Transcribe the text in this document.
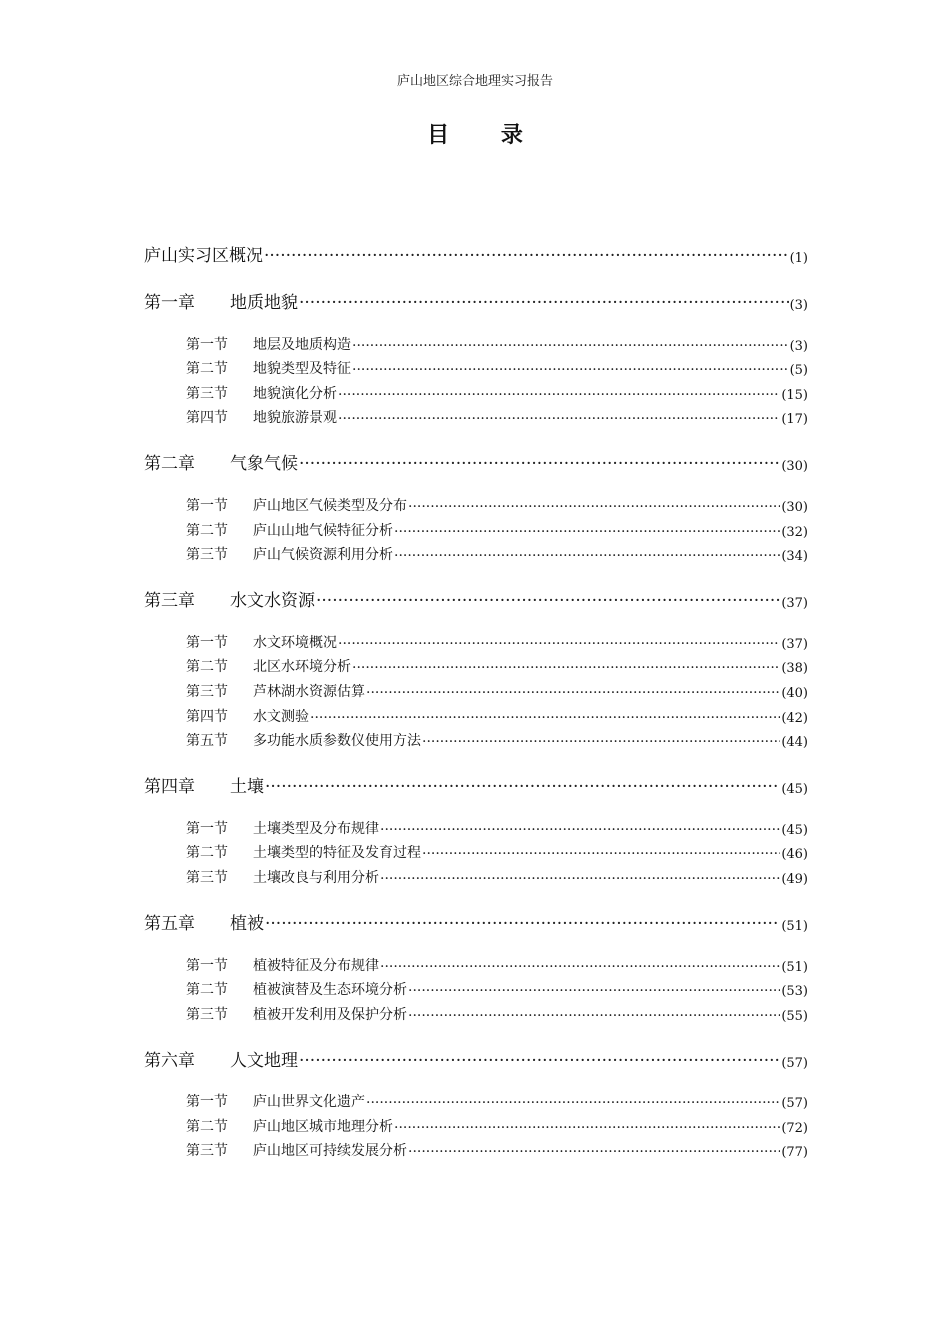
庐山地区综合地理实习报告
目 录
庐山实习区概况 ·····	(1)
第一章	地质地貌 ·····	(3)
第一节	地层及地质构造 ·····	(3)
第二节	地貌类型及特征 ·····	(5)
第三节	地貌演化分析 ·····	(15)
第四节	地貌旅游景观 ·····	(17)
第二章	气象气候 ·····	(30)
第一节	庐山地区气候类型及分布 ·····	(30)
第二节	庐山山地气候特征分析 ·····	(32)
第三节	庐山气候资源利用分析 ·····	(34)
第三章	水文水资源 ·····	(37)
第一节	水文环境概况 ·····	(37)
第二节	北区水环境分析 ·····	(38)
第三节	芦林湖水资源估算 ·····	(40)
第四节	水文测验 ·····	(42)
第五节	多功能水质参数仪使用方法 ·····	(44)
第四章	土壤 ·····	(45)
第一节	土壤类型及分布规律 ·····	(45)
第二节	土壤类型的特征及发育过程 ·····	(46)
第三节	土壤改良与利用分析 ·····	(49)
第五章	植被 ·····	(51)
第一节	植被特征及分布规律 ·····	(51)
第二节	植被演替及生态环境分析 ·····	(53)
第三节	植被开发利用及保护分析 ·····	(55)
第六章	人文地理 ·····	(57)
第一节	庐山世界文化遗产 ·····	(57)
第二节	庐山地区城市地理分析 ·····	(72)
第三节	庐山地区可持续发展分析 ·····	(77)
